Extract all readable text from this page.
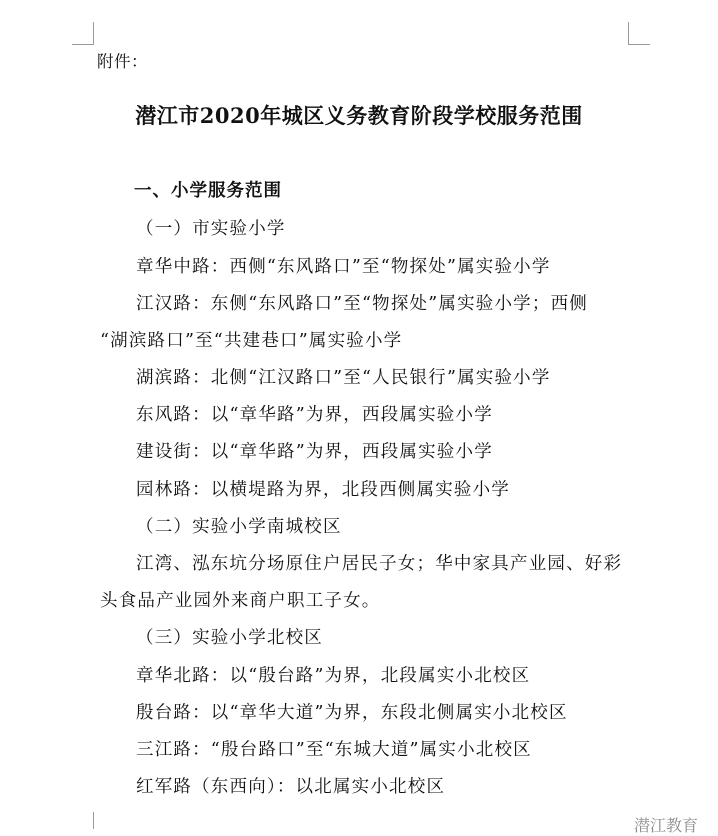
附件：
潜江市2020年城区义务教育阶段学校服务范围
一、小学服务范围
（一）市实验小学
章华中路：西侧“东风路口”至“物探处”属实验小学
江汉路：东侧“东风路口”至“物探处”属实验小学；西侧
“湖滨路口”至“共建巷口”属实验小学
湖滨路：北侧“江汉路口”至“人民银行”属实验小学
东风路：以“章华路”为界，西段属实验小学
建设街：以“章华路”为界，西段属实验小学
园林路：以横堤路为界，北段西侧属实验小学
（二）实验小学南城校区
江湾、泓东坑分场原住户居民子女；华中家具产业园、好彩
头食品产业园外来商户职工子女。
（三）实验小学北校区
章华北路：以“殷台路”为界，北段属实小北校区
殷台路：以“章华大道”为界，东段北侧属实小北校区
三江路：“殷台路口”至“东城大道”属实小北校区
红军路（东西向）：以北属实小北校区
潜江教育
